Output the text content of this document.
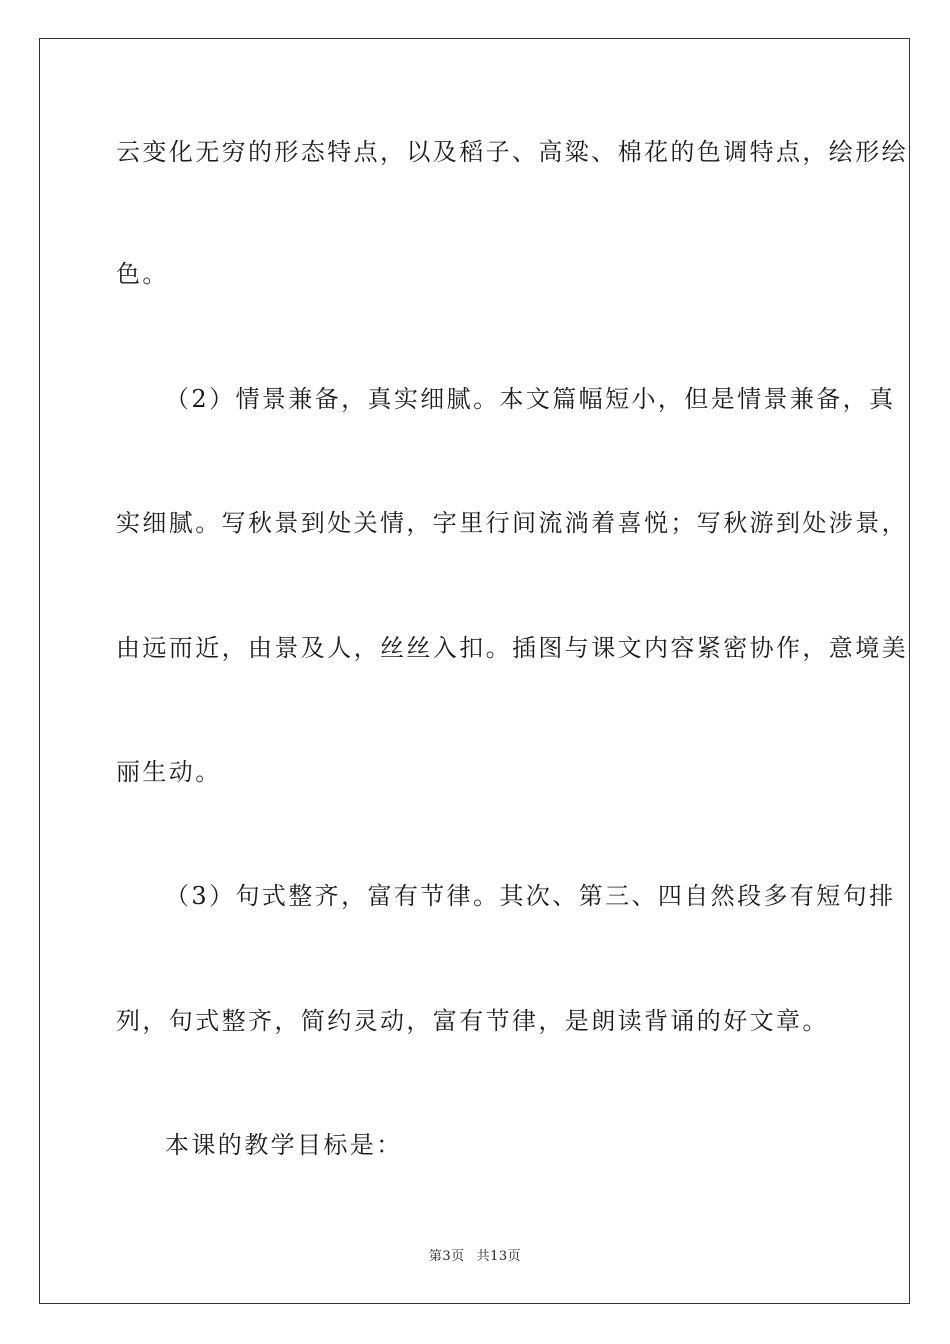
云变化无穷的形态特点，以及稻子、高粱、棉花的色调特点，绘形绘
色。
（2）情景兼备，真实细腻。本文篇幅短小，但是情景兼备，真
实细腻。写秋景到处关情，字里行间流淌着喜悦；写秋游到处涉景，
由远而近，由景及人，丝丝入扣。插图与课文内容紧密协作，意境美
丽生动。
（3）句式整齐，富有节律。其次、第三、四自然段多有短句排
列，句式整齐，简约灵动，富有节律，是朗读背诵的好文章。
本课的教学目标是：
第3页 共13页
